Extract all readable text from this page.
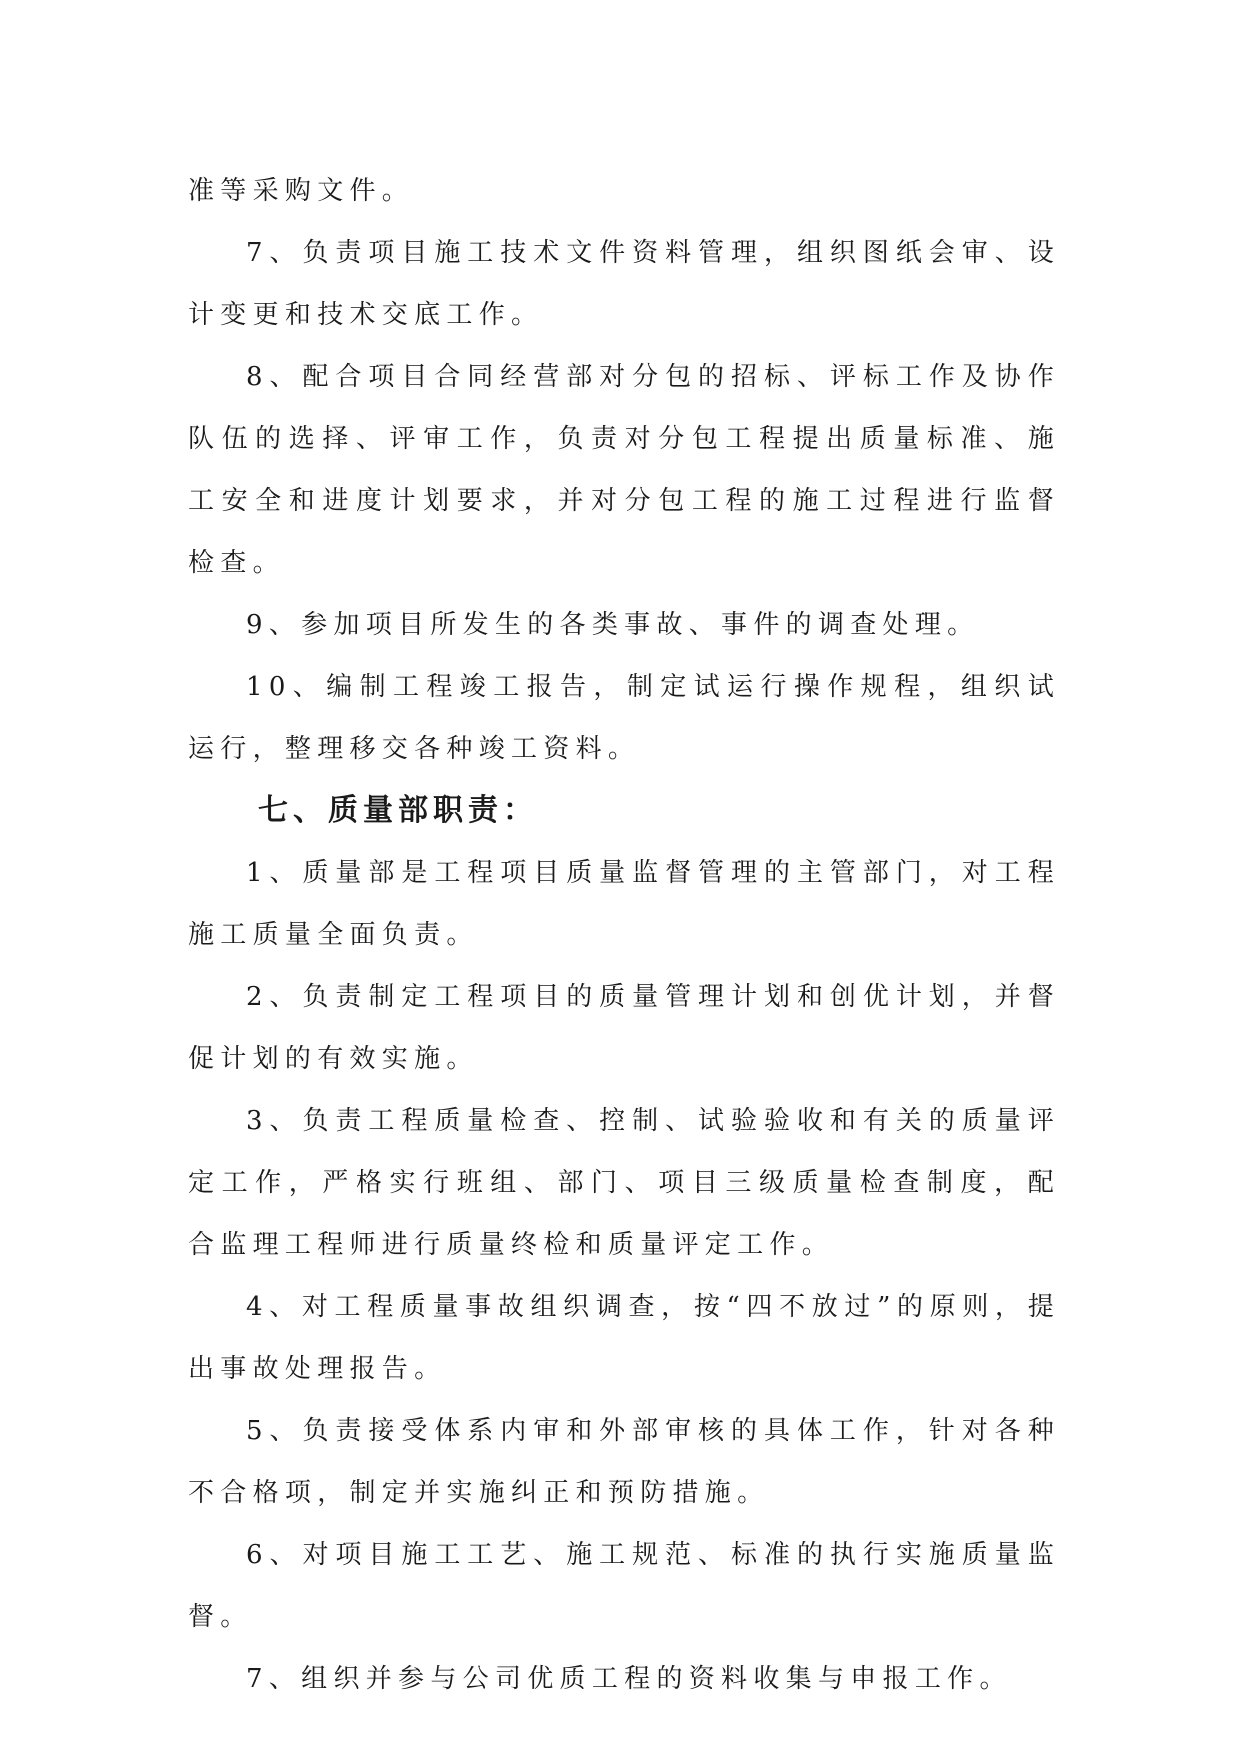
准等采购文件。

7、负责项目施工技术文件资料管理，组织图纸会审、设计变更和技术交底工作。

8、配合项目合同经营部对分包的招标、评标工作及协作队伍的选择、评审工作，负责对分包工程提出质量标准、施工安全和进度计划要求，并对分包工程的施工过程进行监督检查。

9、参加项目所发生的各类事故、事件的调查处理。

10、编制工程竣工报告，制定试运行操作规程，组织试运行，整理移交各种竣工资料。

七、质量部职责：

1、质量部是工程项目质量监督管理的主管部门，对工程施工质量全面负责。

2、负责制定工程项目的质量管理计划和创优计划，并督促计划的有效实施。

3、负责工程质量检查、控制、试验验收和有关的质量评定工作，严格实行班组、部门、项目三级质量检查制度，配合监理工程师进行质量终检和质量评定工作。

4、对工程质量事故组织调查，按“四不放过”的原则，提出事故处理报告。

5、负责接受体系内审和外部审核的具体工作，针对各种不合格项，制定并实施纠正和预防措施。

6、对项目施工工艺、施工规范、标准的执行实施质量监督。

7、组织并参与公司优质工程的资料收集与申报工作。
